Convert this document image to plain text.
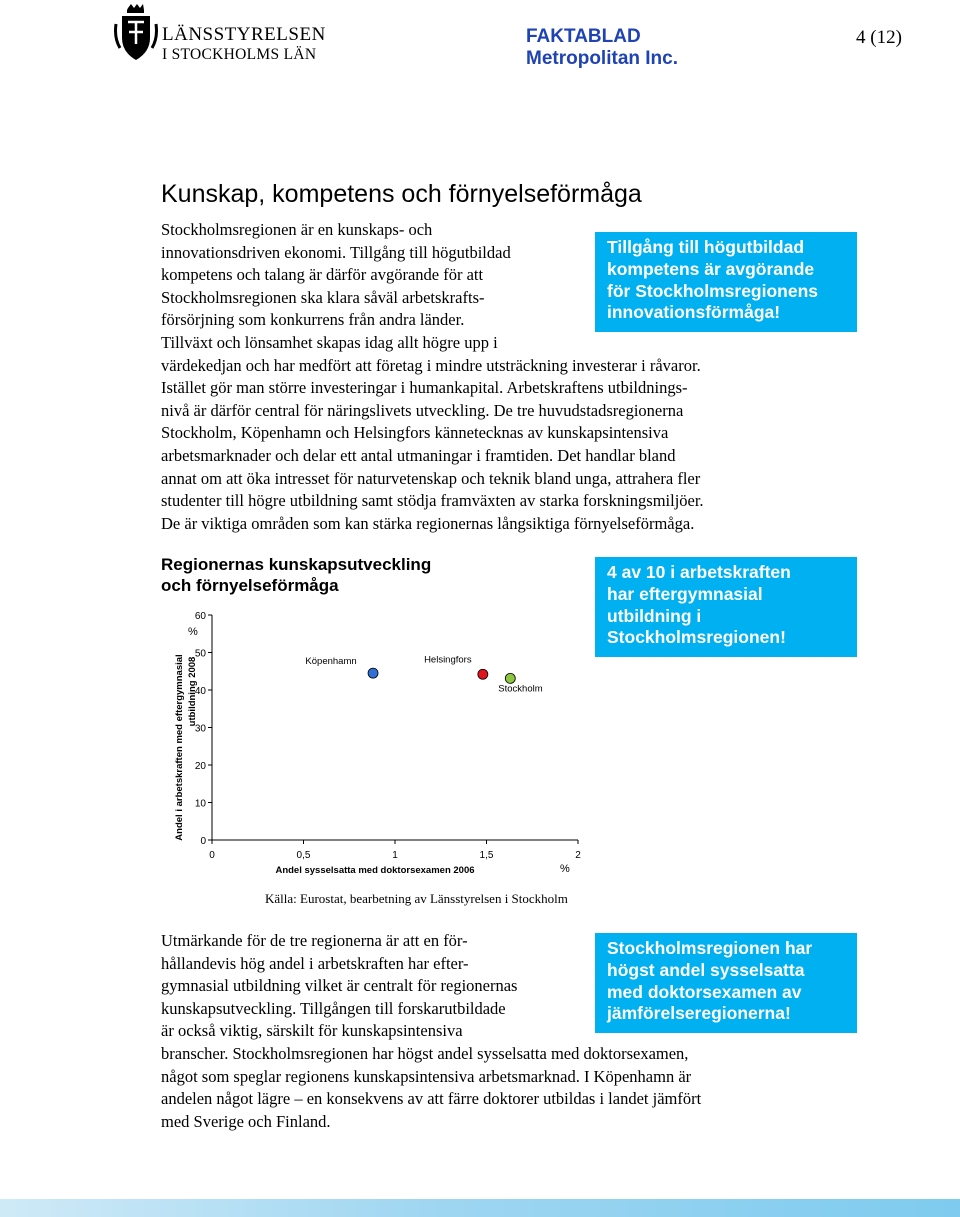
LÄNSSTYRELSEN
I STOCKHOLMS LÄN
FAKTABLAD
Metropolitan Inc.
4 (12)
Kunskap, kompetens och förnyelseförmåga
Stockholmsregionen är en kunskaps- och
innovationsdriven ekonomi. Tillgång till högutbildad
kompetens och talang är därför avgörande för att
Stockholmsregionen ska klara såväl arbetskrafts-
försörjning som konkurrens från andra länder.
Tillväxt och lönsamhet skapas idag allt högre upp i
värdekedjan och har medfört att företag i mindre utsträckning investerar i råvaror.
Istället gör man större investeringar i humankapital. Arbetskraftens utbildnings-
nivå är därför central för näringslivets utveckling. De tre huvudstadsregionerna
Stockholm, Köpenhamn och Helsingfors kännetecknas av kunskapsintensiva
arbetsmarknader och delar ett antal utmaningar i framtiden. Det handlar bland
annat om att öka intresset för naturvetenskap och teknik bland unga, attrahera fler
studenter till högre utbildning samt stödja framväxten av starka forskningsmiljöer.
De är viktiga områden som kan stärka regionernas långsiktiga förnyelseförmåga.
Tillgång till högutbildad
kompetens är avgörande
för Stockholmsregionens
innovationsförmåga!
Regionernas kunskapsutveckling
och förnyelseförmåga
0
10
20
30
40
50
60
0	0,5	1	1,5	2
%
%
Andel sysselsatta med doktorsexamen 2006
Andel i arbetskraften med eftergymnasial utbildning 2008	Köpenhamn	Helsingfors
Stockholm
4 av 10 i arbetskraften
har eftergymnasial
utbildning i
Stockholmsregionen!
Källa: Eurostat, bearbetning av Länsstyrelsen i Stockholm
Stockholmsregionen har
högst andel sysselsatta
med doktorsexamen av
jämförelseregionerna!
Utmärkande för de tre regionerna är att en för-
hållandevis hög andel i arbetskraften har efter-
gymnasial utbildning vilket är centralt för regionernas
kunskapsutveckling. Tillgången till forskarutbildade
är också viktig, särskilt för kunskapsintensiva
branscher. Stockholmsregionen har högst andel sysselsatta med doktorsexamen,
något som speglar regionens kunskapsintensiva arbetsmarknad. I Köpenhamn är
andelen något lägre – en konsekvens av att färre doktorer utbildas i landet jämfört
med Sverige och Finland.
